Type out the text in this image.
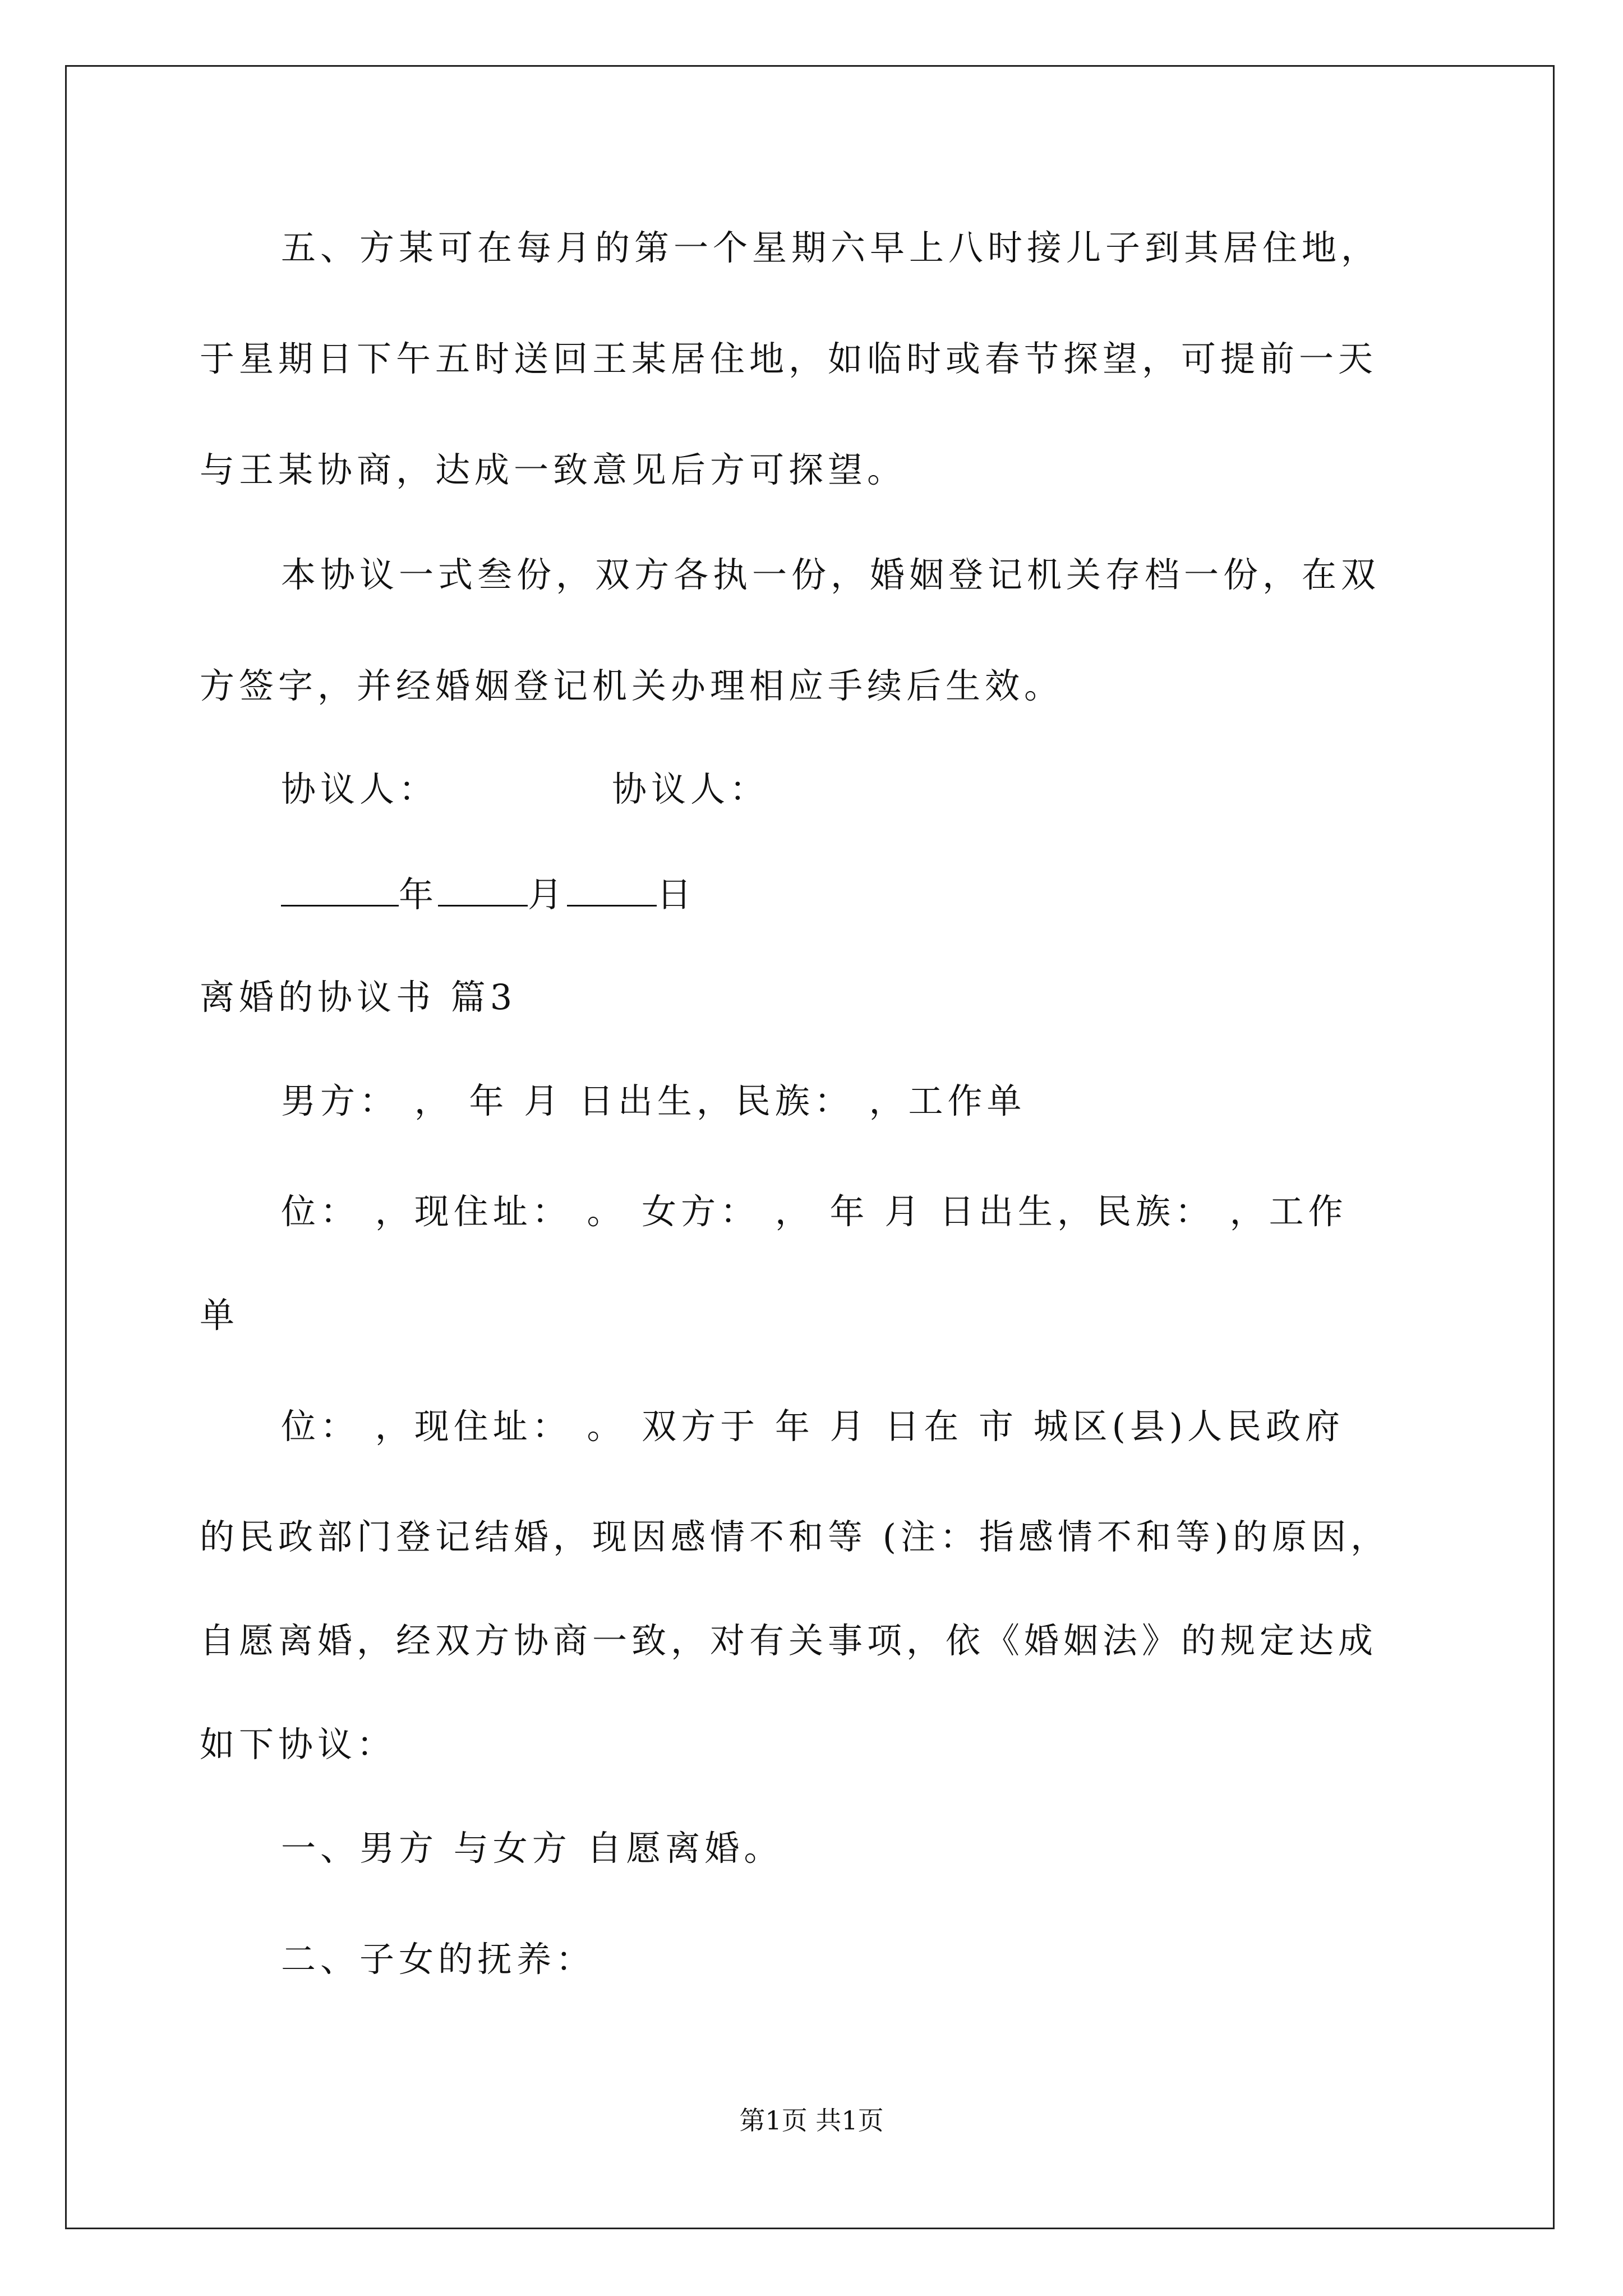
五、方某可在每月的第一个星期六早上八时接儿子到其居住地，
于星期日下午五时送回王某居住地，如临时或春节探望，可提前一天
与王某协商，达成一致意见后方可探望。
本协议一式叁份，双方各执一份，婚姻登记机关存档一份，在双
方签字，并经婚姻登记机关办理相应手续后生效。
协议人：	协议人：
年	月	日
离婚的协议书 篇3
男方： ， 年 月 日出生，民族： ，工作单
位： ，现住址： 。 女方： ， 年 月 日出生，民族： ，工作
单
位： ，现住址： 。 双方于 年 月 日在 市 城区(县)人民政府
的民政部门登记结婚，现因感情不和等 (注：指感情不和等)的原因，
自愿离婚，经双方协商一致，对有关事项，依《婚姻法》的规定达成
如下协议：
一、男方 与女方 自愿离婚。
二、子女的抚养：
第1页 共1页
